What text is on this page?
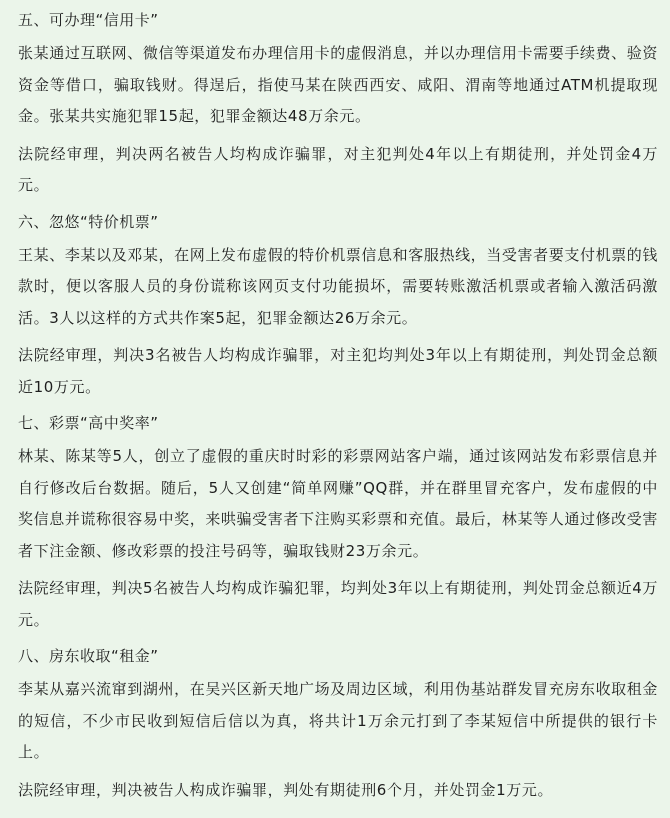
五、可办理“信用卡”

张某通过互联网、微信等渠道发布办理信用卡的虚假消息，并以办理信用卡需要手续费、验资资金等借口，骗取钱财。得逞后，指使马某在陕西西安、咸阳、渭南等地通过ATM机提取现金。张某共实施犯罪15起，犯罪金额达48万余元。

法院经审理，判决两名被告人均构成诈骗罪，对主犯判处4年以上有期徒刑，并处罚金4万元。

六、忽悠“特价机票”

王某、李某以及邓某，在网上发布虚假的特价机票信息和客服热线，当受害者要支付机票的钱款时，便以客服人员的身份谎称该网页支付功能损坏，需要转账激活机票或者输入激活码激活。3人以这样的方式共作案5起，犯罪金额达26万余元。

法院经审理，判决3名被告人均构成诈骗罪，对主犯均判处3年以上有期徒刑，判处罚金总额近10万元。

七、彩票“高中奖率”

林某、陈某等5人，创立了虚假的重庆时时彩的彩票网站客户端，通过该网站发布彩票信息并自行修改后台数据。随后，5人又创建“简单网赚”QQ群，并在群里冒充客户，发布虚假的中奖信息并谎称很容易中奖，来哄骗受害者下注购买彩票和充值。最后，林某等人通过修改受害者下注金额、修改彩票的投注号码等，骗取钱财23万余元。

法院经审理，判决5名被告人均构成诈骗犯罪，均判处3年以上有期徒刑，判处罚金总额近4万元。

八、房东收取“租金”

李某从嘉兴流窜到湖州，在吴兴区新天地广场及周边区域，利用伪基站群发冒充房东收取租金的短信，不少市民收到短信后信以为真，将共计1万余元打到了李某短信中所提供的银行卡上。

法院经审理，判决被告人构成诈骗罪，判处有期徒刑6个月，并处罚金1万元。
